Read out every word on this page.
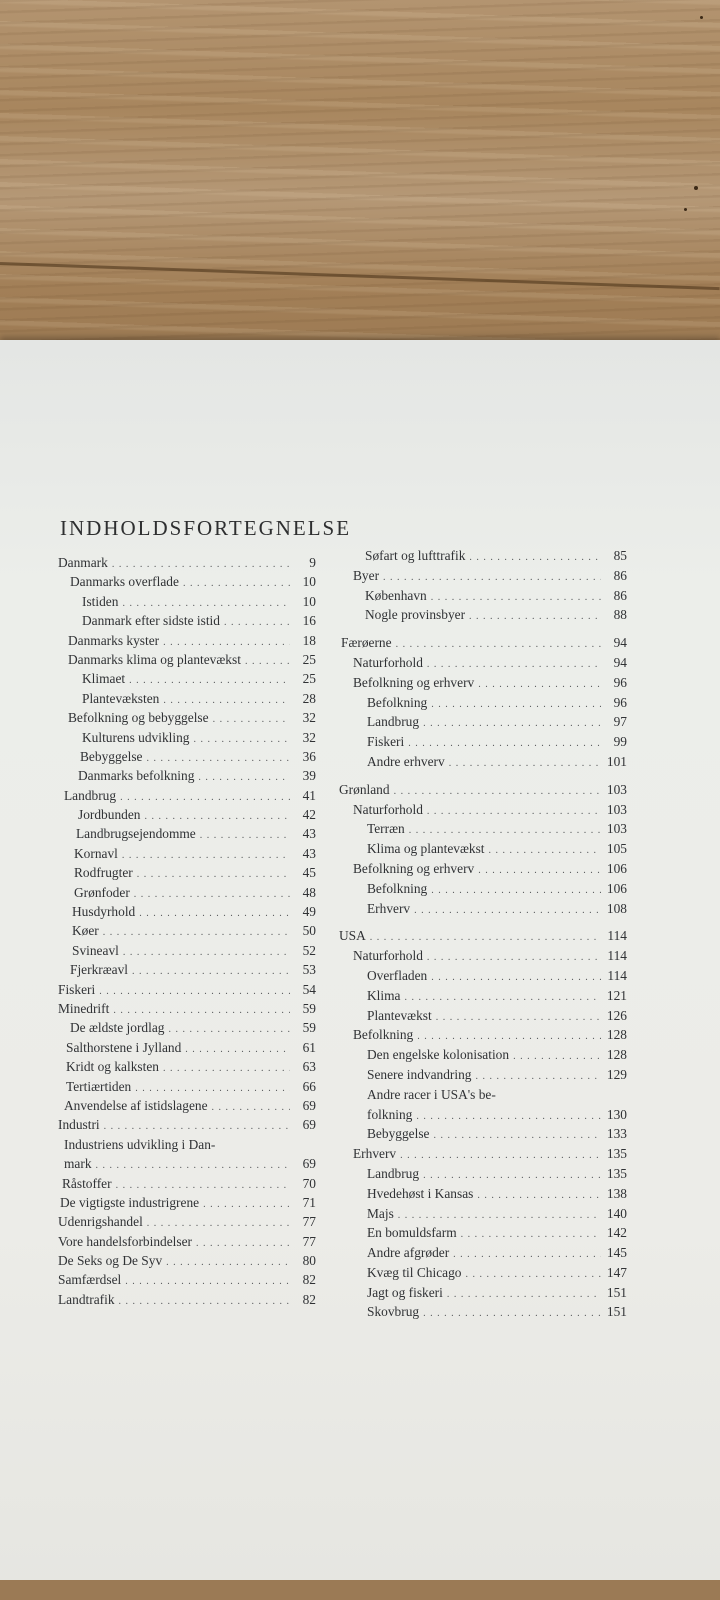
INDHOLDSFORTEGNELSE
Danmark . . .	9
Danmarks overflade . . .	10
Istiden . . .	10
Danmark efter sidste istid . . .	16
Danmarks kyster . . .	18
Danmarks klima og plantevækst . . .	25
Klimaet . . .	25
Plantevæksten . . .	28
Befolkning og bebyggelse . . .	32
Kulturens udvikling . . .	32
Bebyggelse . . .	36
Danmarks befolkning . . .	39
Landbrug . . .	41
Jordbunden . . .	42
Landbrugsejendomme . . .	43
Kornavl . . .	43
Rodfrugter . . .	45
Grønfoder . . .	48
Husdyrhold . . .	49
Køer . . .	50
Svineavl . . .	52
Fjerkræavl . . .	53
Fiskeri . . .	54
Minedrift . . .	59
De ældste jordlag . . .	59
Salthorstene i Jylland . . .	61
Kridt og kalksten . . .	63
Tertiærtiden . . .	66
Anvendelse af istidslagene . . .	69
Industri . . .	69
Industriens udvikling i Dan-
mark . . .	69
Råstoffer . . .	70
De vigtigste industrigrene . . .	71
Udenrigshandel . . .	77
Vore handelsforbindelser . . .	77
De Seks og De Syv . . .	80
Samfærdsel . . .	82
Landtrafik . . .	82
Søfart og lufttrafik . . .	85
Byer . . .	86
København . . .	86
Nogle provinsbyer . . .	88
Færøerne . . .	94
Naturforhold . . .	94
Befolkning og erhverv . . .	96
Befolkning . . .	96
Landbrug . . .	97
Fiskeri . . .	99
Andre erhverv . . .	101
Grønland . . .	103
Naturforhold . . .	103
Terræn . . .	103
Klima og plantevækst . . .	105
Befolkning og erhverv . . .	106
Befolkning . . .	106
Erhverv . . .	108
USA . . .	114
Naturforhold . . .	114
Overfladen . . .	114
Klima . . .	121
Plantevækst . . .	126
Befolkning . . .	128
Den engelske kolonisation . . .	128
Senere indvandring . . .	129
Andre racer i USA's be-
folkning . . .	130
Bebyggelse . . .	133
Erhverv . . .	135
Landbrug . . .	135
Hvedehøst i Kansas . . .	138
Majs . . .	140
En bomuldsfarm . . .	142
Andre afgrøder . . .	145
Kvæg til Chicago . . .	147
Jagt og fiskeri . . .	151
Skovbrug . . .	151
